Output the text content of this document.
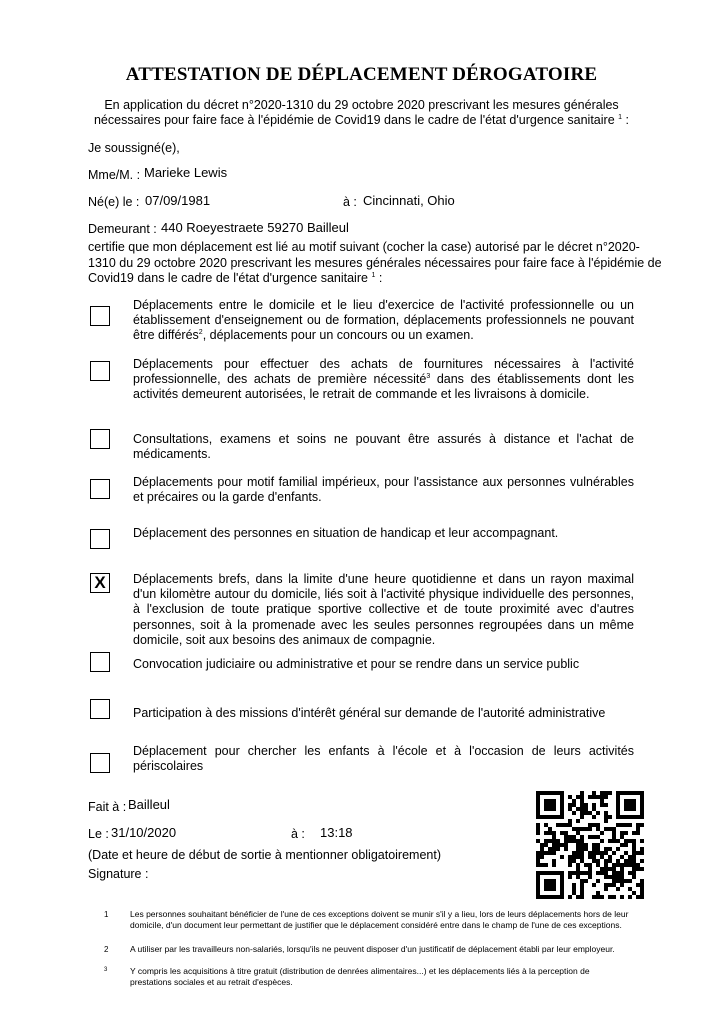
ATTESTATION DE DÉPLACEMENT DÉROGATOIRE
En application du décret n°2020-1310 du 29 octobre 2020 prescrivant les mesures générales
nécessaires pour faire face à l'épidémie de Covid19 dans le cadre de l'état d'urgence sanitaire $^1$ :
Je soussigné(e),
Mme/M. : Marieke Lewis
Né(e) le : 07/09/1981	à : Cincinnati, Ohio
Demeurant : 440 Roeyestraete 59270 Bailleul
certifie que mon déplacement est lié au motif suivant (cocher la case) autorisé par le décret n°2020-1310 du 29 octobre 2020 prescrivant les mesures générales nécessaires pour faire face à l'épidémie de Covid19 dans le cadre de l'état d'urgence sanitaire $^1$ :
Déplacements entre le domicile et le lieu d'exercice de l'activité professionnelle ou un établissement d'enseignement ou de formation, déplacements professionnels ne pouvant être différés$^2$, déplacements pour un concours ou un examen.
Déplacements pour effectuer des achats de fournitures nécessaires à l'activité professionnelle, des achats de première nécessité$^3$ dans des établissements dont les activités demeurent autorisées, le retrait de commande et les livraisons à domicile.
Consultations, examens et soins ne pouvant être assurés à distance et l'achat de médicaments.
Déplacements pour motif familial impérieux, pour l'assistance aux personnes vulnérables et précaires ou la garde d'enfants.
Déplacement des personnes en situation de handicap et leur accompagnant.
X	Déplacements brefs, dans la limite d'une heure quotidienne et dans un rayon maximal d'un kilomètre autour du domicile, liés soit à l'activité physique individuelle des personnes, à l'exclusion de toute pratique sportive collective et de toute proximité avec d'autres personnes, soit à la promenade avec les seules personnes regroupées dans un même domicile, soit aux besoins des animaux de compagnie.
Convocation judiciaire ou administrative et pour se rendre dans un service public
Participation à des missions d'intérêt général sur demande de l'autorité administrative
Déplacement pour chercher les enfants à l'école et à l'occasion de leurs activités périscolaires
Fait à : Bailleul
Le : 31/10/2020	à : 13:18
(Date et heure de début de sortie à mentionner obligatoirement)
Signature :
1	Les personnes souhaitant bénéficier de l'une de ces exceptions doivent se munir s'il y a lieu, lors de leurs déplacements hors de leur domicile, d'un document leur permettant de justifier que le déplacement considéré entre dans le champ de l'une de ces exceptions.
2	A utiliser par les travailleurs non-salariés, lorsqu'ils ne peuvent disposer d'un justificatif de déplacement établi par leur employeur.
3	Y compris les acquisitions à titre gratuit (distribution de denrées alimentaires...) et les déplacements liés à la perception de prestations sociales et au retrait d'espèces.
